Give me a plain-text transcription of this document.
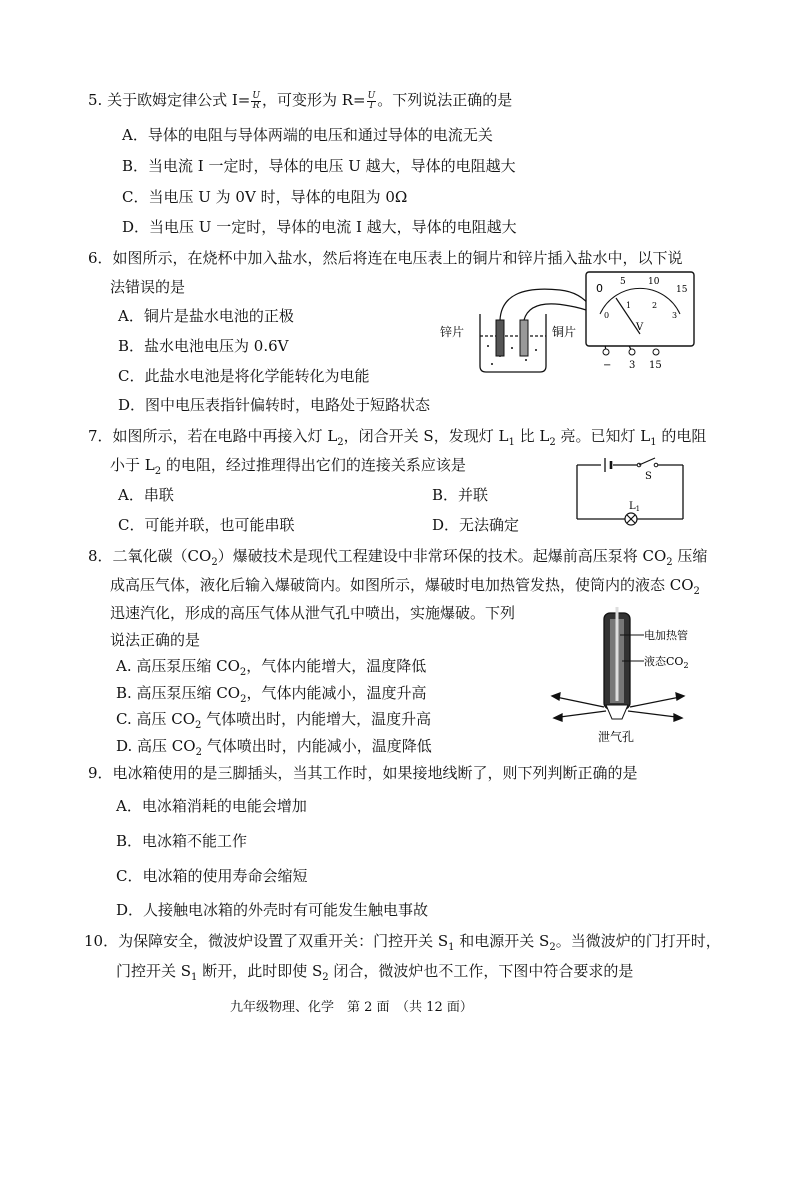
5. 关于欧姆定律公式 $I= \frac{U}{R}$ ，可变形为 $R= \frac{U}{I}$ 。下列说法正确的是
A．导体的电阻与导体两端的电压和通过导体的电流无关
B．当电流 I 一定时，导体的电压 U 越大，导体的电阻越大
C．当电压 U 为 0V 时，导体的电阻为 0Ω
D．当电压 U 一定时，导体的电流 I 越大，导体的电阻越大
6．如图所示，在烧杯中加入盐水，然后将连在电压表上的铜片和锌片插入盐水中，以下说
法错误的是
A．铜片是盐水电池的正极
B．盐水电池电压为 0.6V
C．此盐水电池是将化学能转化为电能
D．图中电压表指针偏转时，电路处于短路状态
0 5 10
15
0
1	2
3
V
− 3 15
锌片	铜片
7．如图所示，若在电路中再接入灯 $L_2$，闭合开关 S，发现灯 $L_1$ 比 $L_2$ 亮。已知灯 $L_1$ 的电阻
小于 $L_2$ 的电阻，经过推理得出它们的连接关系应该是
A．串联	B．并联
C．可能并联，也可能串联	D．无法确定
S
$L_1$
8．二氧化碳$(CO_2)$爆破技术是现代工程建设中非常环保的技术。起爆前高压泵将 $CO_2$ 压缩
成高压气体，液化后输入爆破筒内。如图所示，爆破时电加热管发热，使筒内的液态 $CO_2$
迅速汽化，形成的高压气体从泄气孔中喷出，实施爆破。下列
说法正确的是
A. 高压泵压缩 $CO_2$，气体内能增大，温度降低
B. 高压泵压缩 $CO_2$，气体内能减小，温度升高
C. 高压 $CO_2$ 气体喷出时，内能增大，温度升高
D. 高压 $CO_2$ 气体喷出时，内能减小，温度降低
电加热管
液态$CO_2$
泄气孔
9．电冰箱使用的是三脚插头，当其工作时，如果接地线断了，则下列判断正确的是
A．电冰箱消耗的电能会增加
B．电冰箱不能工作
C．电冰箱的使用寿命会缩短
D．人接触电冰箱的外壳时有可能发生触电事故
10．为保障安全，微波炉设置了双重开关：门控开关 $S_1$ 和电源开关 $S_2$。当微波炉的门打开时，
门控开关 $S_1$ 断开，此时即使 $S_2$ 闭合，微波炉也不工作，下图中符合要求的是
九年级物理、化学　第 2 面　（共 12 面）
